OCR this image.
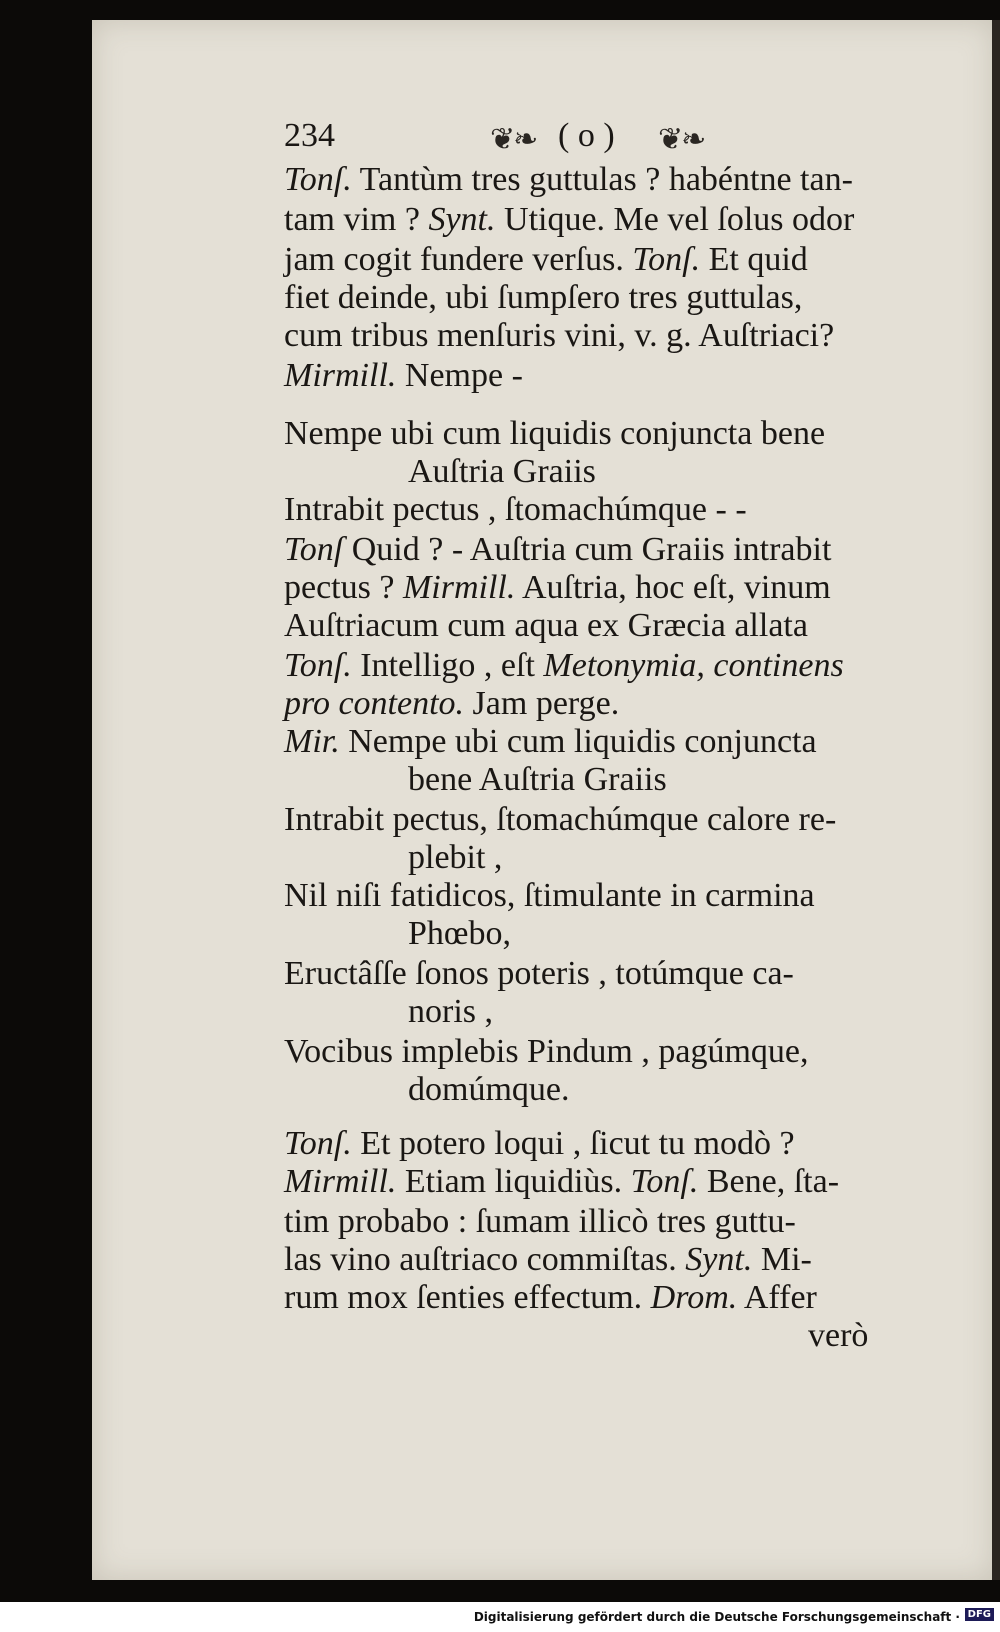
234	❦❧ ( o ) ❦❧
Tonſ. Tantùm tres guttulas ? habéntne tan-
tam vim ? Synt. Utique. Me vel ſolus odor
jam cogit fundere verſus. Tonſ. Et quid
fiet deinde, ubi ſumpſero tres guttulas,
cum tribus menſuris vini, v. g. Auſtriaci?
Mirmill. Nempe -
Nempe ubi cum liquidis conjuncta bene
Auſtria Graiis
Intrabit pectus , ſtomachúmque - -
Tonſ Quid ? - Auſtria cum Graiis intrabit
pectus ? Mirmill. Auſtria, hoc eſt, vinum
Auſtriacum cum aqua ex Græcia allata
Tonſ. Intelligo , eſt Metonymia, continens
pro contento. Jam perge.
Mir. Nempe ubi cum liquidis conjuncta
bene Auſtria Graiis
Intrabit pectus, ſtomachúmque calore re-
plebit ,
Nil niſi fatidicos, ſtimulante in carmina
Phœbo,
Eructâſſe ſonos poteris , totúmque ca-
noris ,
Vocibus implebis Pindum , pagúmque,
domúmque.
Tonſ. Et potero loqui , ſicut tu modò ?
Mirmill. Etiam liquidiùs. Tonſ. Bene, ſta-
tim probabo : ſumam illicò tres guttu-
las vino auſtriaco commiſtas. Synt. Mi-
rum mox ſenties effectum. Drom. Affer
verò
Digitalisierung gefördert durch die Deutsche Forschungsgemeinschaft · DFG
